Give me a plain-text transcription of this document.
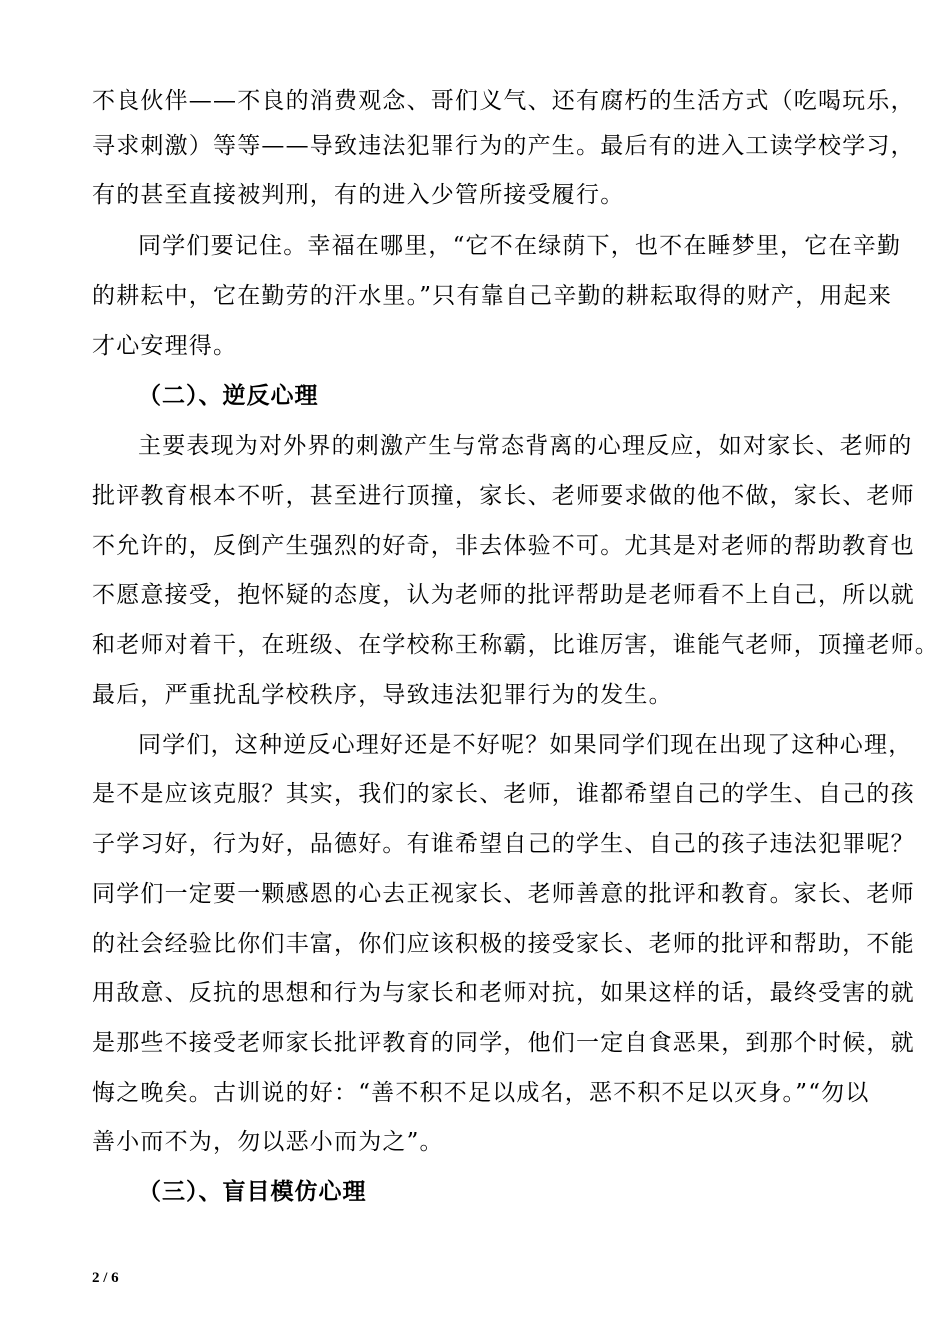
不良伙伴——不良的消费观念、哥们义气、还有腐朽的生活方式（吃喝玩乐，
寻求刺激）等等——导致违法犯罪行为的产生。最后有的进入工读学校学习，
有的甚至直接被判刑，有的进入少管所接受履行。
同学们要记住。幸福在哪里，“它不在绿荫下，也不在睡梦里，它在辛勤
的耕耘中，它在勤劳的汗水里。”只有靠自己辛勤的耕耘取得的财产，用起来
才心安理得。
（二）、逆反心理
主要表现为对外界的刺激产生与常态背离的心理反应，如对家长、老师的
批评教育根本不听，甚至进行顶撞，家长、老师要求做的他不做，家长、老师
不允许的，反倒产生强烈的好奇，非去体验不可。尤其是对老师的帮助教育也
不愿意接受，抱怀疑的态度，认为老师的批评帮助是老师看不上自己，所以就
和老师对着干，在班级、在学校称王称霸，比谁厉害，谁能气老师，顶撞老师。
最后，严重扰乱学校秩序，导致违法犯罪行为的发生。
同学们，这种逆反心理好还是不好呢？如果同学们现在出现了这种心理，
是不是应该克服？其实，我们的家长、老师，谁都希望自己的学生、自己的孩
子学习好，行为好，品德好。有谁希望自己的学生、自己的孩子违法犯罪呢？
同学们一定要一颗感恩的心去正视家长、老师善意的批评和教育。家长、老师
的社会经验比你们丰富，你们应该积极的接受家长、老师的批评和帮助，不能
用敌意、反抗的思想和行为与家长和老师对抗，如果这样的话，最终受害的就
是那些不接受老师家长批评教育的同学，他们一定自食恶果，到那个时候，就
悔之晚矣。古训说的好：“善不积不足以成名，恶不积不足以灭身。”“勿以
善小而不为，勿以恶小而为之”。
（三）、盲目模仿心理
2 / 6
